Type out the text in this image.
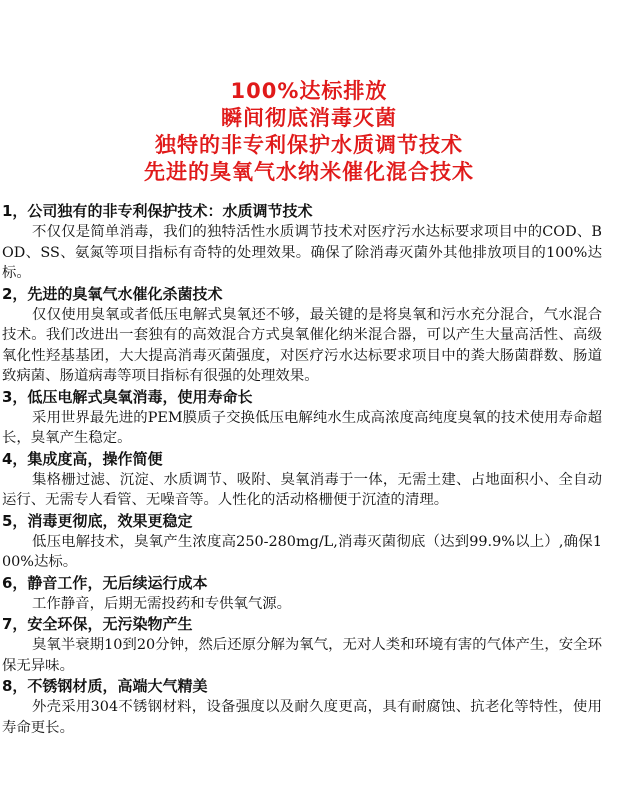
100%达标排放
瞬间彻底消毒灭菌
独特的非专利保护水质调节技术
先进的臭氧气水纳米催化混合技术
1，公司独有的非专利保护技术：水质调节技术

不仅仅是简单消毒，我们的独特活性水质调节技术对医疗污水达标要求项目中的COD、BOD、SS、氨氮等项目指标有奇特的处理效果。确保了除消毒灭菌外其他排放项目的100%达标。

2，先进的臭氧气水催化杀菌技术

仅仅使用臭氧或者低压电解式臭氧还不够，最关键的是将臭氧和污水充分混合，气水混合技术。我们改进出一套独有的高效混合方式臭氧催化纳米混合器，可以产生大量高活性、高级氧化性羟基基团，大大提高消毒灭菌强度，对医疗污水达标要求项目中的粪大肠菌群数、肠道致病菌、肠道病毒等项目指标有很强的处理效果。

3，低压电解式臭氧消毒，使用寿命长

采用世界最先进的PEM膜质子交换低压电解纯水生成高浓度高纯度臭氧的技术使用寿命超长，臭氧产生稳定。

4，集成度高，操作简便

集格栅过滤、沉淀、水质调节、吸附、臭氧消毒于一体，无需土建、占地面积小、全自动运行、无需专人看管、无噪音等。人性化的活动格栅便于沉渣的清理。

5，消毒更彻底，效果更稳定

低压电解技术，臭氧产生浓度高250-280mg/L,消毒灭菌彻底（达到99.9%以上）,确保100%达标。

6，静音工作，无后续运行成本

工作静音，后期无需投药和专供氧气源。

7，安全环保，无污染物产生

臭氧半衰期10到20分钟，然后还原分解为氧气，无对人类和环境有害的气体产生，安全环保无异味。

8，不锈钢材质，高端大气精美

外壳采用304不锈钢材料，设备强度以及耐久度更高，具有耐腐蚀、抗老化等特性，使用寿命更长。
